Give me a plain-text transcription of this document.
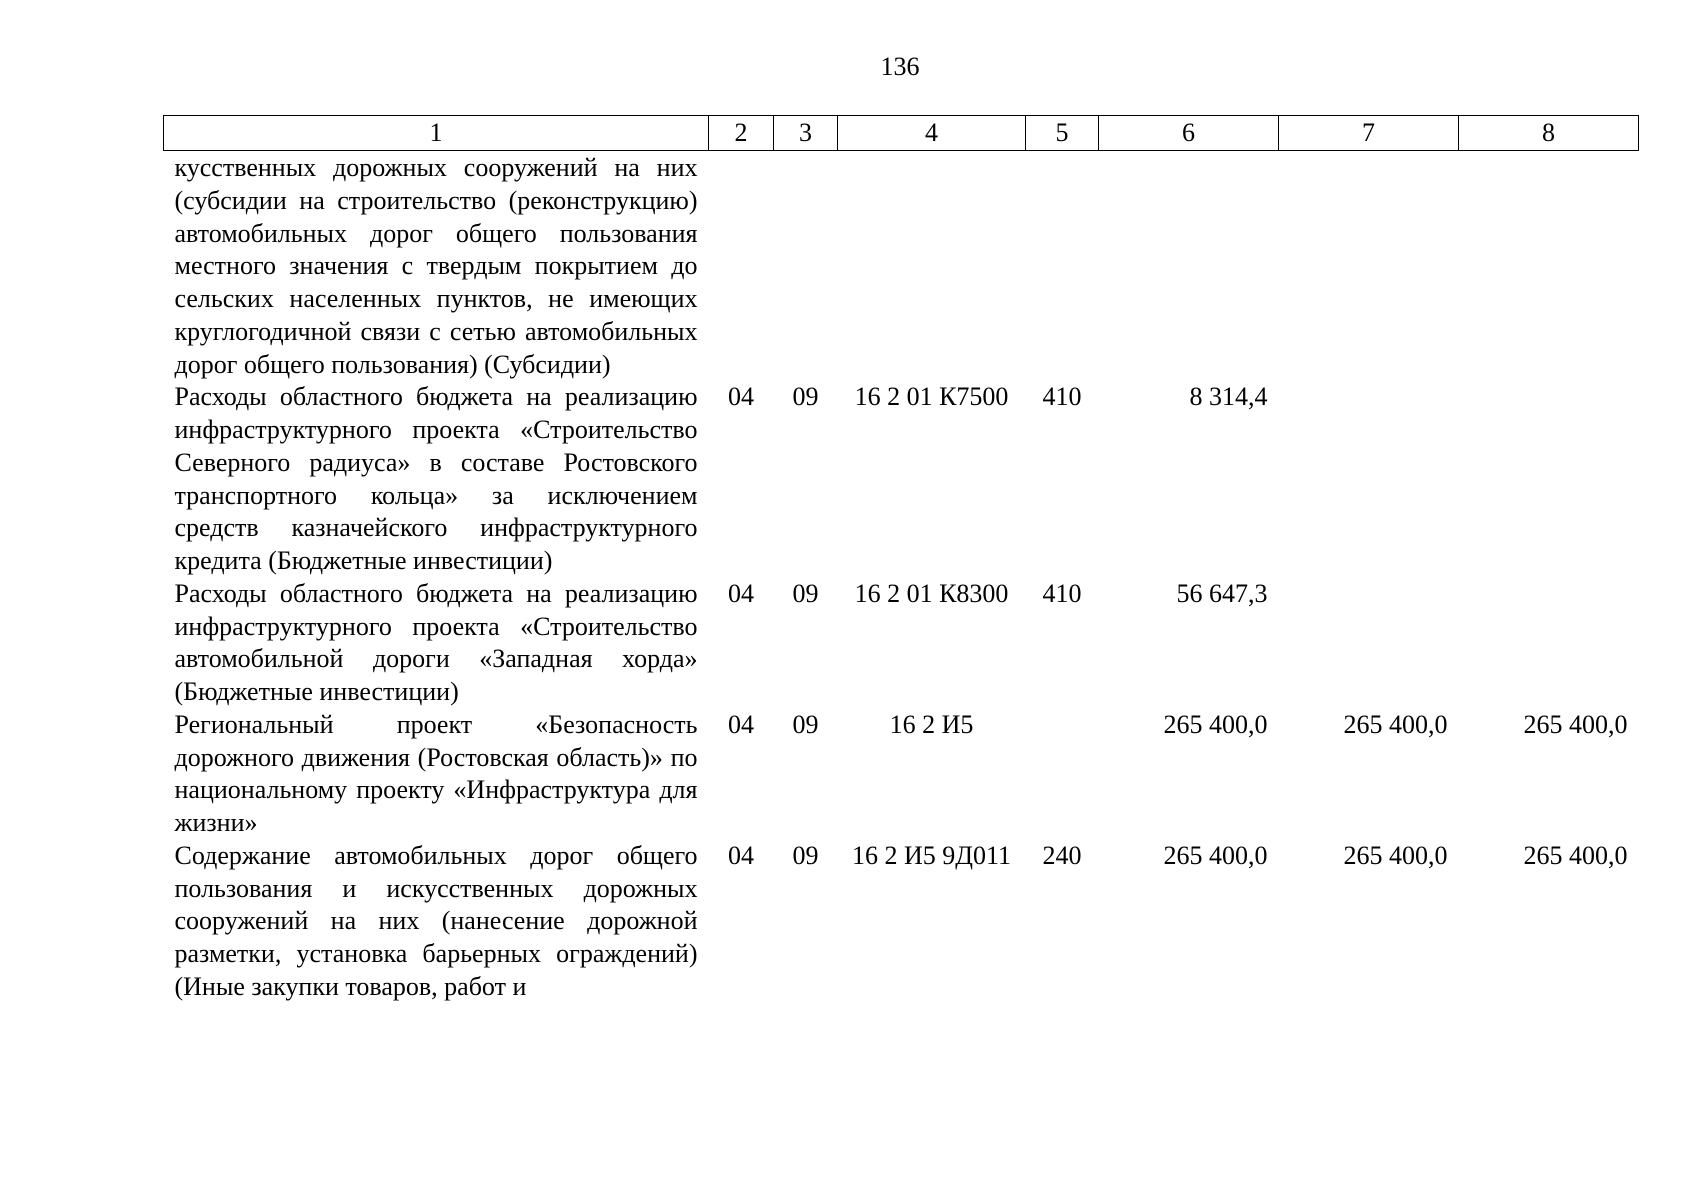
136
1	2	3	4	5	6	7	8
кусственных дорожных сооружений на них (субсидии на строительство (реконструкцию) автомобильных дорог общего пользования местного значения с твердым покрытием до сельских населенных пунктов, не имеющих круглогодичной связи с сетью автомобильных дорог общего пользования) (Субсидии)							
Расходы областного бюджета на реализацию инфраструктурного проекта «Строительство Северного радиуса» в составе Ростовского транспортного кольца» за исключением средств казначейского инфраструктурного кредита (Бюджетные инвестиции)	04	09	16 2 01 К7500	410	8 314,4		
Расходы областного бюджета на реализацию инфраструктурного проекта «Строительство автомобильной дороги «Западная хорда» (Бюджетные инвестиции)	04	09	16 2 01 К8300	410	56 647,3		
Региональный проект «Безопасность дорожного движения (Ростовская область)» по национальному проекту «Инфраструктура для жизни»	04	09	16 2 И5		265 400,0	265 400,0	265 400,0
Содержание автомобильных дорог общего пользования и искусственных дорожных сооружений на них (нанесение дорожной разметки, установка барьерных ограждений) (Иные закупки товаров, работ и	04	09	16 2 И5 9Д011	240	265 400,0	265 400,0	265 400,0
